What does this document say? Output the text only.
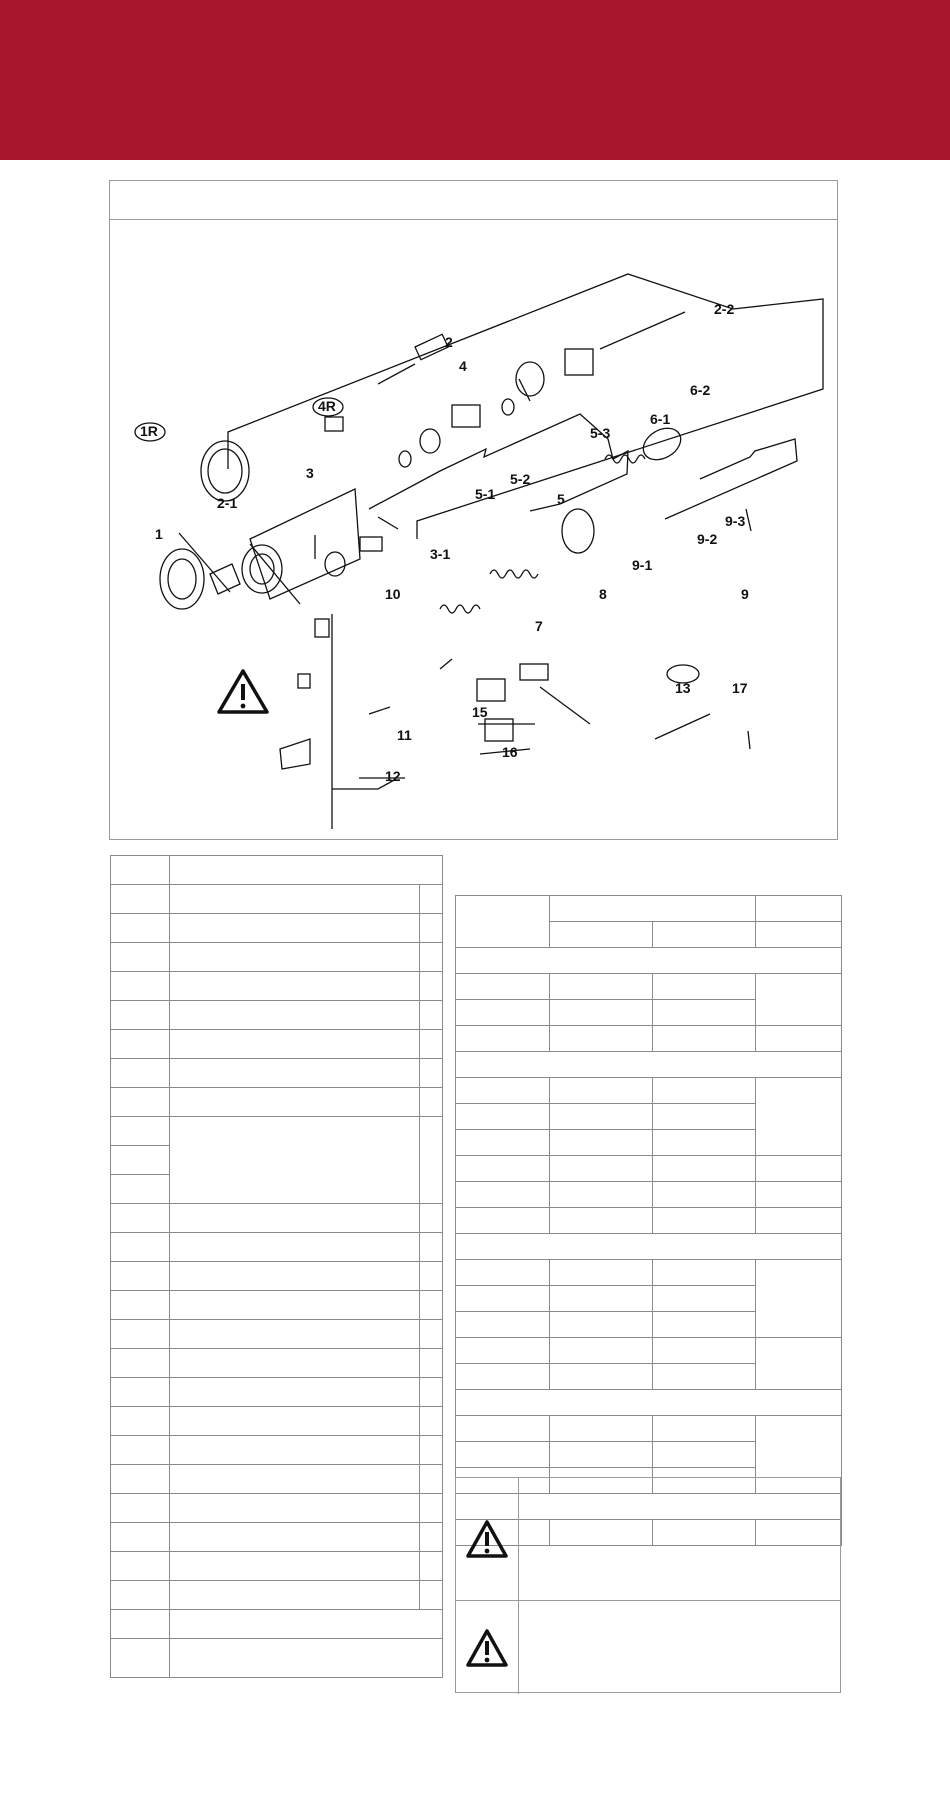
2
2-2
4
6-2
4R
6-1
5-3
1R
3	5-2
5-1	5
2-1
9-3
1	9-2
3-1
9-1
8	9
10
7
13	17
15
11
16
12
